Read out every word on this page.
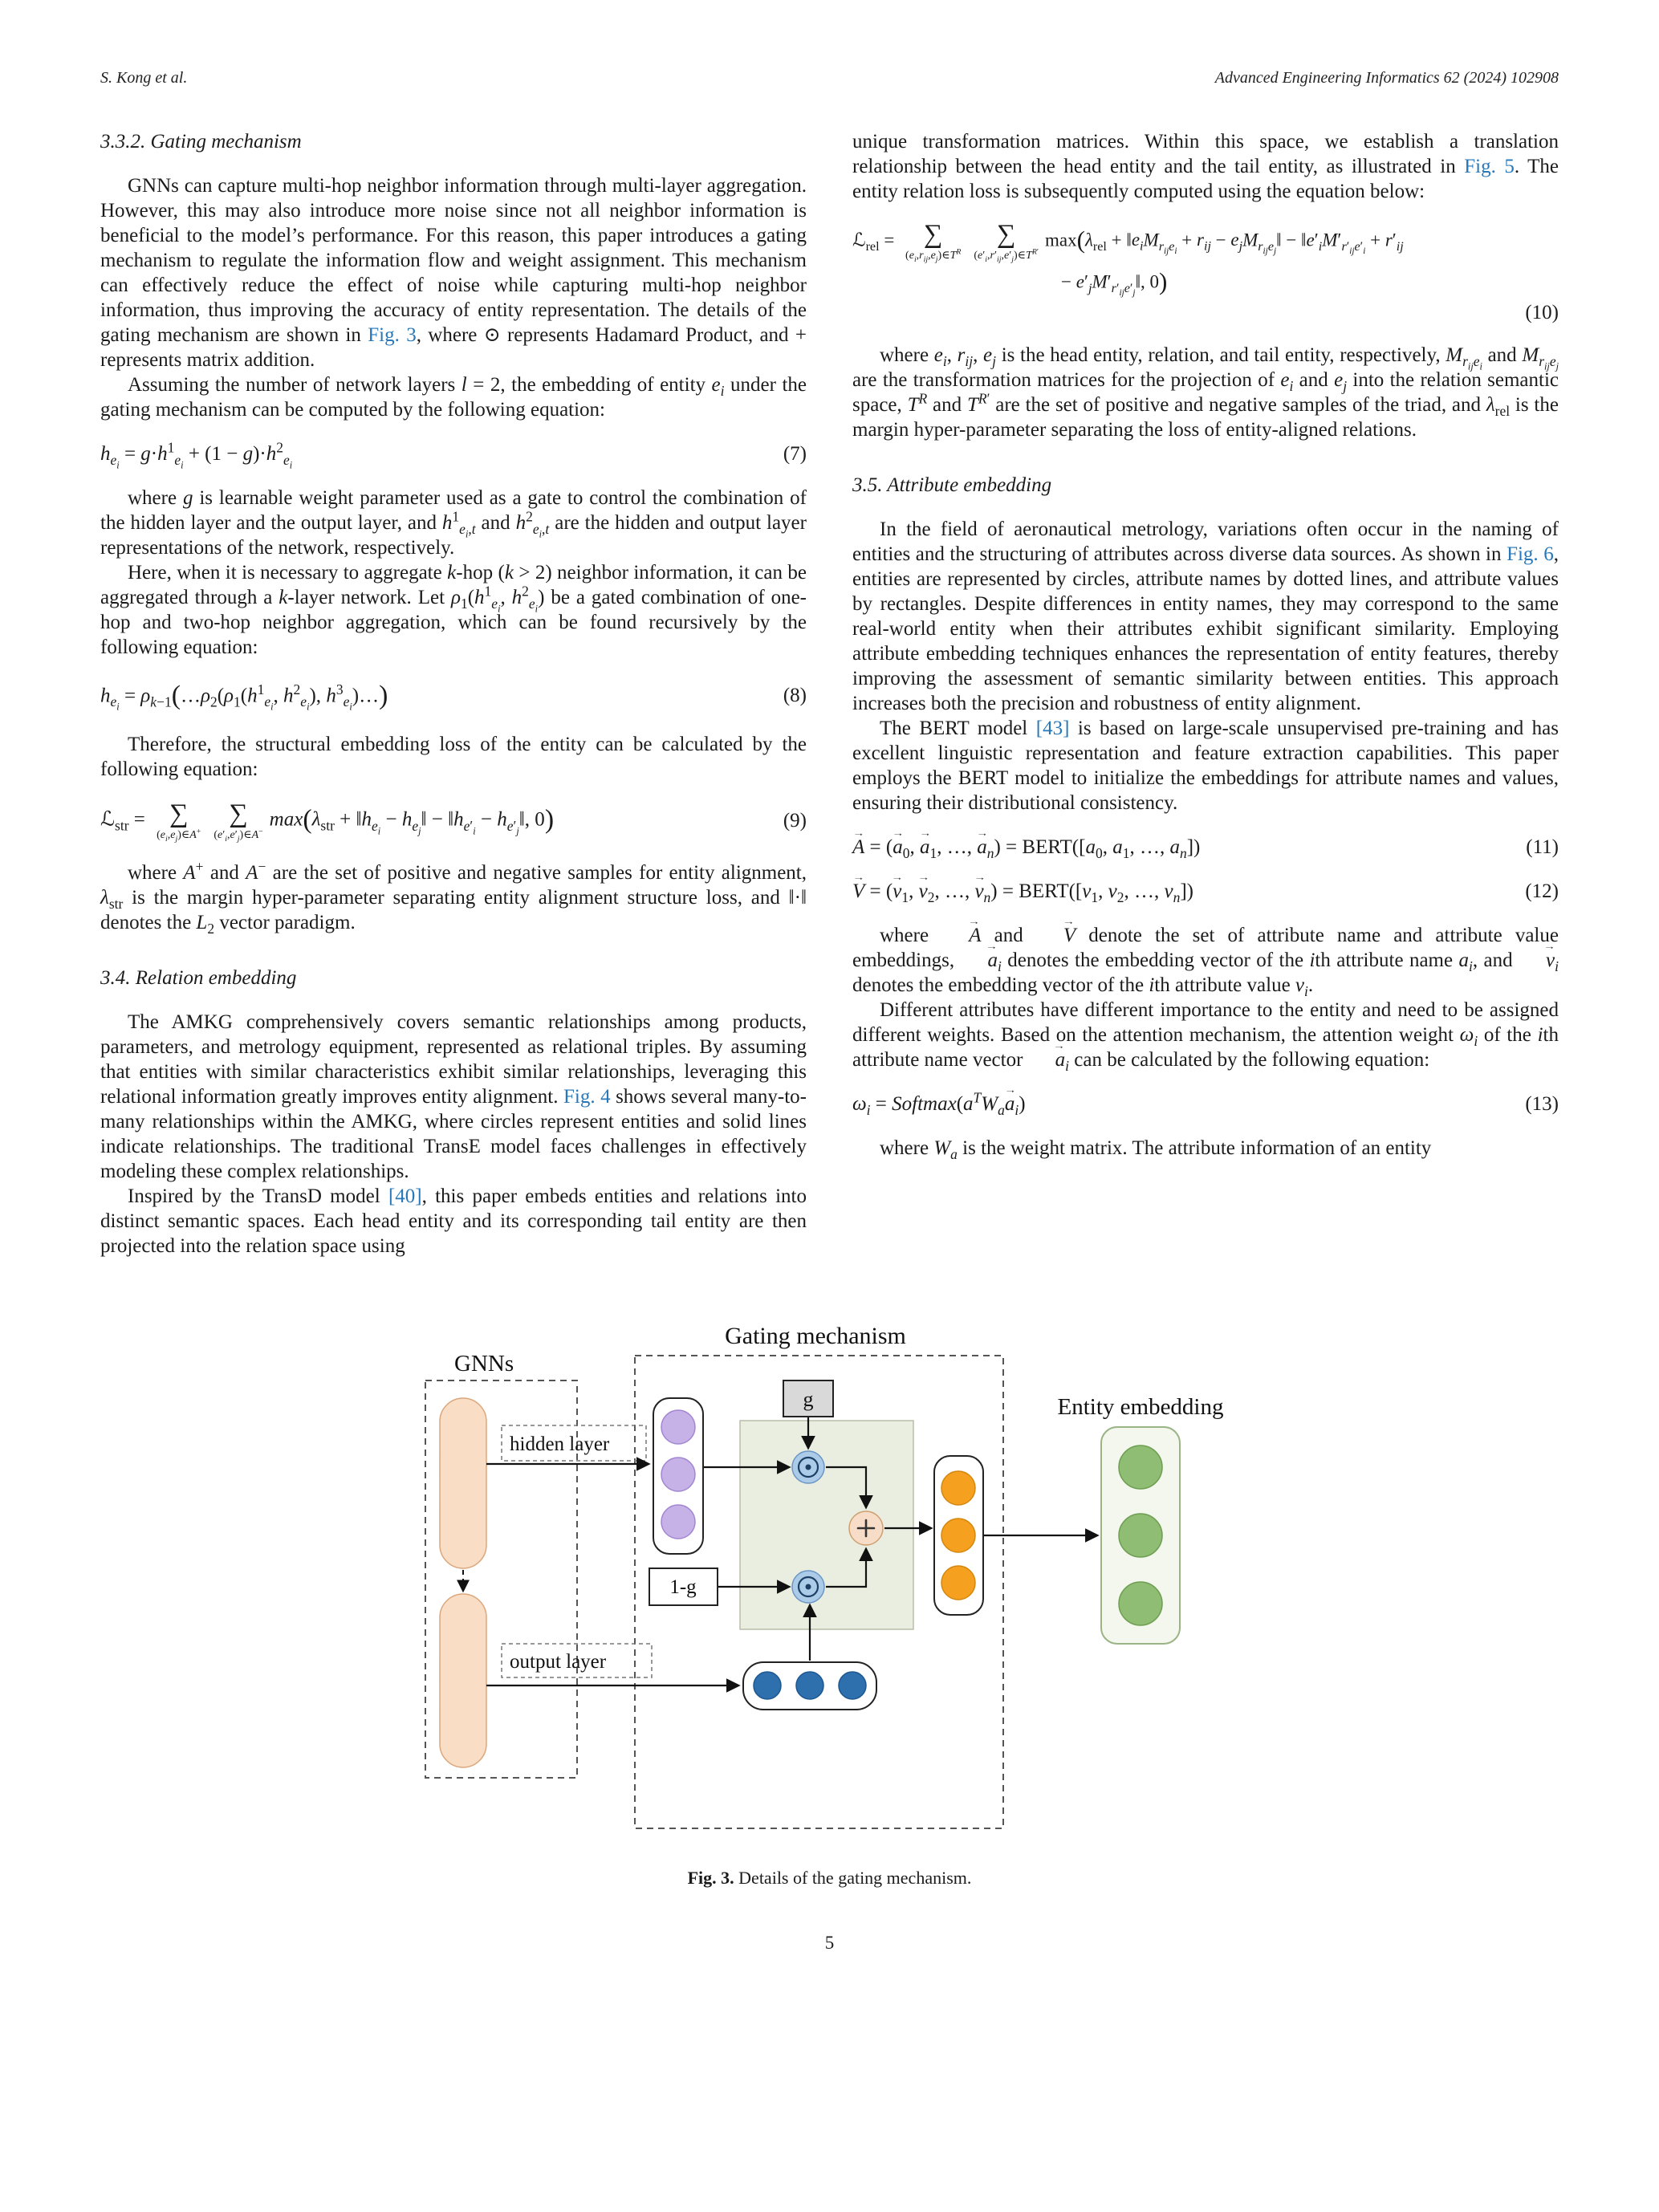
S. Kong et al.	Advanced Engineering Informatics 62 (2024) 102908
3.3.2. Gating mechanism

GNNs can capture multi-hop neighbor information through multi-layer aggregation. However, this may also introduce more noise since not all neighbor information is beneficial to the model’s performance. For this reason, this paper introduces a gating mechanism to regulate the information flow and weight assignment. This mechanism can effectively reduce the effect of noise while capturing multi-hop neighbor information, thus improving the accuracy of entity representation. The details of the gating mechanism are shown in Fig. 3, where ⊙ represents Hadamard Product, and + represents matrix addition.

Assuming the number of network layers l = 2, the embedding of entity $e_i$ under the gating mechanism can be computed by the following equation:

$h_{e_i} = g\cdot h^1_{e_i} + (1 - g)\cdot h^2_{e_i}$
(7)

where g is learnable weight parameter used as a gate to control the combination of the hidden layer and the output layer, and $h^1_{e_i,t}$ and $h^2_{e_i,t}$ are the hidden and output layer representations of the network, respectively.

Here, when it is necessary to aggregate k-hop (k > 2) neighbor information, it can be aggregated through a k-layer network. Let $\rho_1(h^1_{e_i}$, $h^2_{e_i}$) be a gated combination of one-hop and two-hop neighbor aggregation, which can be found recursively by the following equation:

$h_{e_i}$ = $\rho_{k-1}(\dots\rho_2(\rho_1(h^1_{e_i}$, $h^2_{e_i}$), $h^3_{e_i})\dots$)	(8)

Therefore, the structural embedding loss of the entity can be calculated by the following equation:

ℒ$_{str}$ = ∑
$(e_i,e_j)\in A^+$
∑
$(e'_i,e'_j)\in A^-$
$\max(\lambda_{str}$ + $‖h_{e_i}$ − $h_{e_j}‖$ − $‖h_{e'_i}$ − $h_{e'_j}‖$, 0)	(9)

where A+ and A− are the set of positive and negative samples for entity alignment, $\lambda_{str}$ is the margin hyper-parameter separating entity alignment structure loss, and ‖·‖ denotes the $L_2$ vector paradigm.

3.4. Relation embedding

The AMKG comprehensively covers semantic relationships among products, parameters, and metrology equipment, represented as relational triples. By assuming that entities with similar characteristics exhibit similar relationships, leveraging this relational information greatly improves entity alignment. Fig. 4 shows several many-to-many relationships within the AMKG, where circles represent entities and solid lines indicate relationships. The traditional TransE model faces challenges in effectively modeling these complex relationships.

Inspired by the TransD model [40], this paper embeds entities and relations into distinct semantic spaces. Each head entity and its corresponding tail entity are then projected into the relation space using

unique transformation matrices. Within this space, we establish a translation relationship between the head entity and the tail entity, as illustrated in Fig. 5. The entity relation loss is subsequently computed using the equation below:

ℒ$_{rel}$ = ∑
$(e_i,r_{ij},e_j)\in T^R$
∑
$(e'_i,r'_{ij},e'_j)\in T^{R'}$
$\max(\lambda_{rel}$ + $‖e_iM_{r_{ij}e_i} + r_{ij}$ − $e_jM_{r_{ij}e_j}‖$ − $‖e'_iM'_{r'_{ij}e'_i} + r'_{ij}$
− $e'_jM'_{r'_{ij}e'_j}‖$, 0)
(10)

where $e_i$, $r_{ij}$, $e_j$ is the head entity, relation, and tail entity, respectively, $M_{r_{ij}e_i}$ and $M_{r_{ij}e_j}$ are the transformation matrices for the projection of $e_i$ and $e_j$ into the relation semantic space, $T^R$ and $T^{R'}$ are the set of positive and negative samples of the triad, and $\lambda_{rel}$ is the margin hyper-parameter separating the loss of entity-aligned relations.

3.5. Attribute embedding

In the field of aeronautical metrology, variations often occur in the naming of entities and the structuring of attributes across diverse data sources. As shown in Fig. 6, entities are represented by circles, attribute names by dotted lines, and attribute values by rectangles. Despite differences in entity names, they may correspond to the same real-world entity when their attributes exhibit significant similarity. Employing attribute embedding techniques enhances the representation of entity features, thereby improving the assessment of semantic similarity between entities. This approach increases both the precision and robustness of entity alignment.

The BERT model [43] is based on large-scale unsupervised pre-training and has excellent linguistic representation and feature extraction capabilities. This paper employs the BERT model to initialize the embeddings for attribute names and values, ensuring their distributional consistency.

A → = ($a \to_0$, $a \to_1$, …, $a \to_n$) = $BERT([a_0$, $a_1$, …, $a_n$])	(11)
V → = ($v \to_1$, $v \to_2$, …, $v \to_n$) = $BERT([v_1$, $v_2$, …, $v_n$])	(12)

where A → and V → denote the set of attribute name and attribute value embeddings, $a \to_i$ denotes the embedding vector of the ith attribute name $a_i$, and $v \to_i$ denotes the embedding vector of the ith attribute value $v_i$.

Different attributes have different importance to the entity and need to be assigned different weights. Based on the attention mechanism, the attention weight $\omega_i$ of the ith attribute name vector $a \to_i$ can be calculated by the following equation:

$\omega_i$ = $Softmax(a^TW_aa \to_i)$	(13)

where $W_a$ is the weight matrix. The attribute information of an entity

Gating mechanism
GNNs
hidden layer
output layer
g
1-g
Entity embedding
Fig. 3. Details of the gating mechanism.
5
